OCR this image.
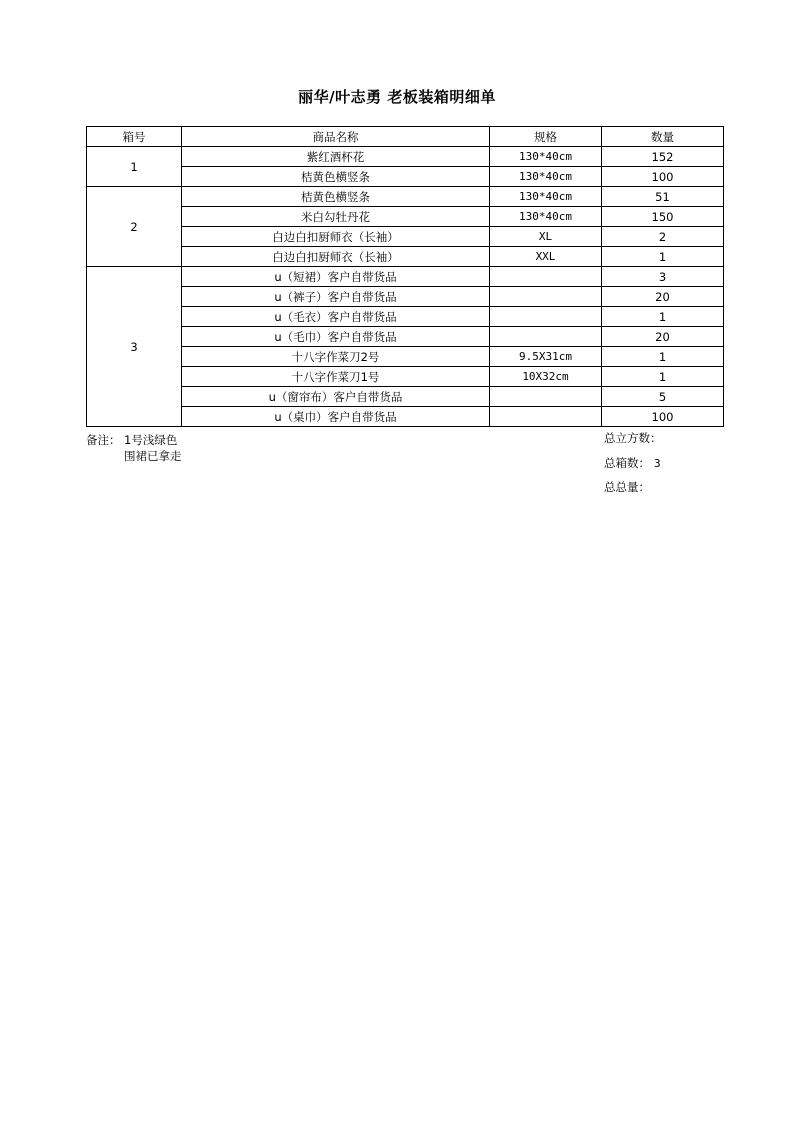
丽华/叶志勇 老板装箱明细单
箱号	商品名称	规格	数量
1	紫红酒杯花	130*40cm	152
	桔黄色横竖条	130*40cm	100
2	桔黄色横竖条	130*40cm	51
	米白勾牡丹花	130*40cm	150
	白边白扣厨师衣（长袖）	XL	2
	白边白扣厨师衣（长袖）	XXL	1
3	u（短裙）客户自带货品		3
	u（裤子）客户自带货品		20
	u（毛衣）客户自带货品		1
	u（毛巾）客户自带货品		20
	十八字作菜刀2号	9.5X31cm	1
	十八字作菜刀1号	10X32cm	1
	u（窗帘布）客户自带货品		5
	u（桌巾）客户自带货品		100
备注： 1号浅绿色
围裙已拿走
总立方数：
总箱数： 3
总总量：
